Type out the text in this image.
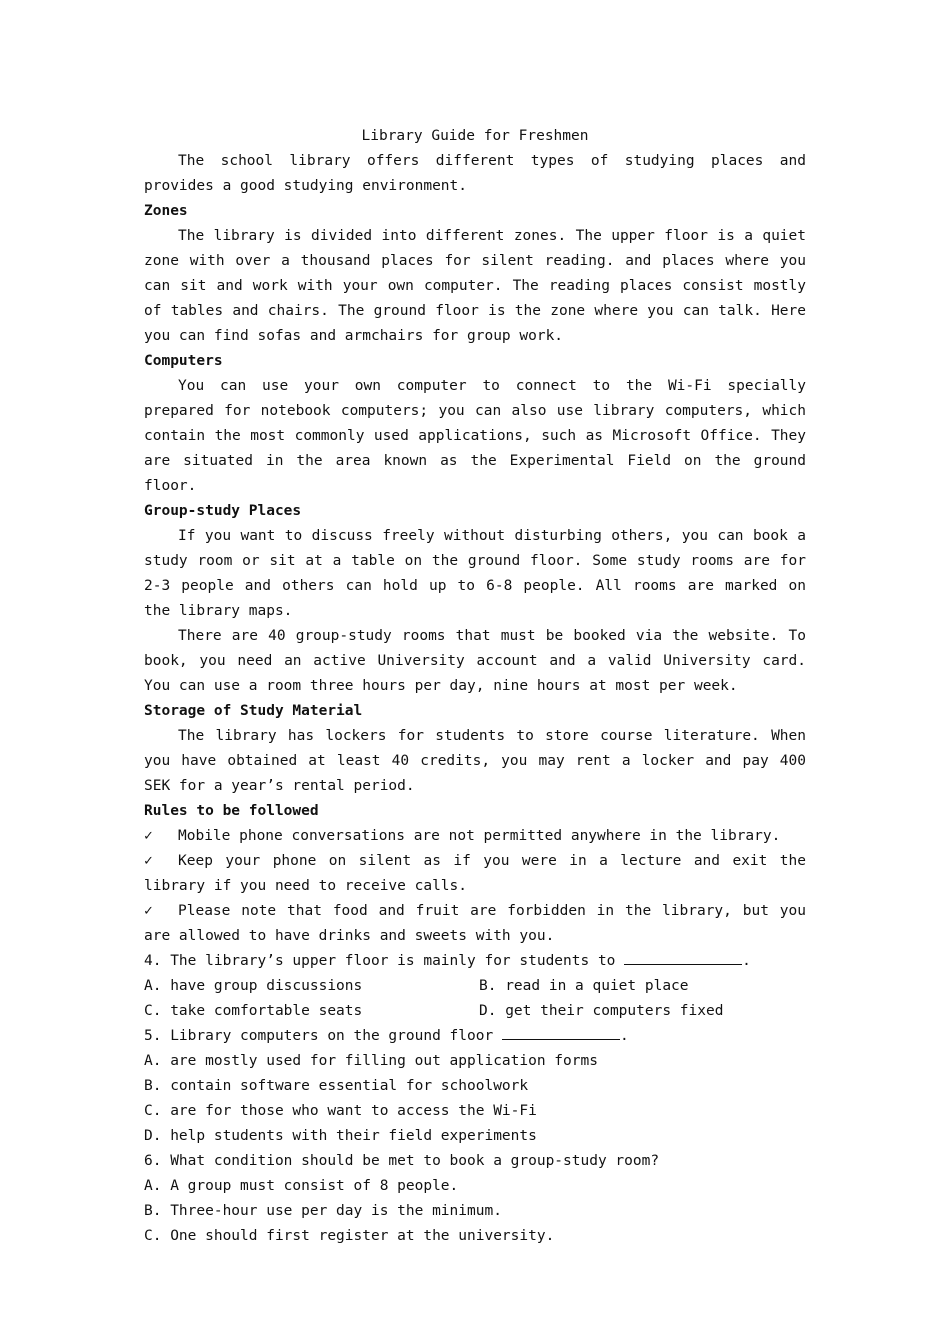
Library Guide for Freshmen

The school library offers different types of studying places and provides a good studying environment.

Zones

The library is divided into different zones. The upper floor is a quiet zone with over a thousand places for silent reading. and places where you can sit and work with your own computer. The reading places consist mostly of tables and chairs. The ground floor is the zone where you can talk. Here you can find sofas and armchairs for group work.

Computers

You can use your own computer to connect to the Wi-Fi specially prepared for notebook computers; you can also use library computers, which contain the most commonly used applications, such as Microsoft Office. They are situated in the area known as the Experimental Field on the ground floor.

Group-study Places

If you want to discuss freely without disturbing others, you can book a study room or sit at a table on the ground floor. Some study rooms are for 2-3 people and others can hold up to 6-8 people. All rooms are marked on the library maps.

There are 40 group-study rooms that must be booked via the website. To book, you need an active University account and a valid University card. You can use a room three hours per day, nine hours at most per week.

Storage of Study Material

The library has lockers for students to store course literature. When you have obtained at least 40 credits, you may rent a locker and pay 400 SEK for a year’s rental period.

Rules to be followed

✓ Mobile phone conversations are not permitted anywhere in the library.

✓ Keep your phone on silent as if you were in a lecture and exit the library if you need to receive calls.

✓ Please note that food and fruit are forbidden in the library, but you are allowed to have drinks and sweets with you.

4. The library’s upper floor is mainly for students to	.

A. have group discussions	B. read in a quiet place
C. take comfortable seats	D. get their computers fixed

5. Library computers on the ground floor	.

A. are mostly used for filling out application forms

B. contain software essential for schoolwork

C. are for those who want to access the Wi-Fi

D. help students with their field experiments

6. What condition should be met to book a group-study room?

A. A group must consist of 8 people.

B. Three-hour use per day is the minimum.

C. One should first register at the university.
